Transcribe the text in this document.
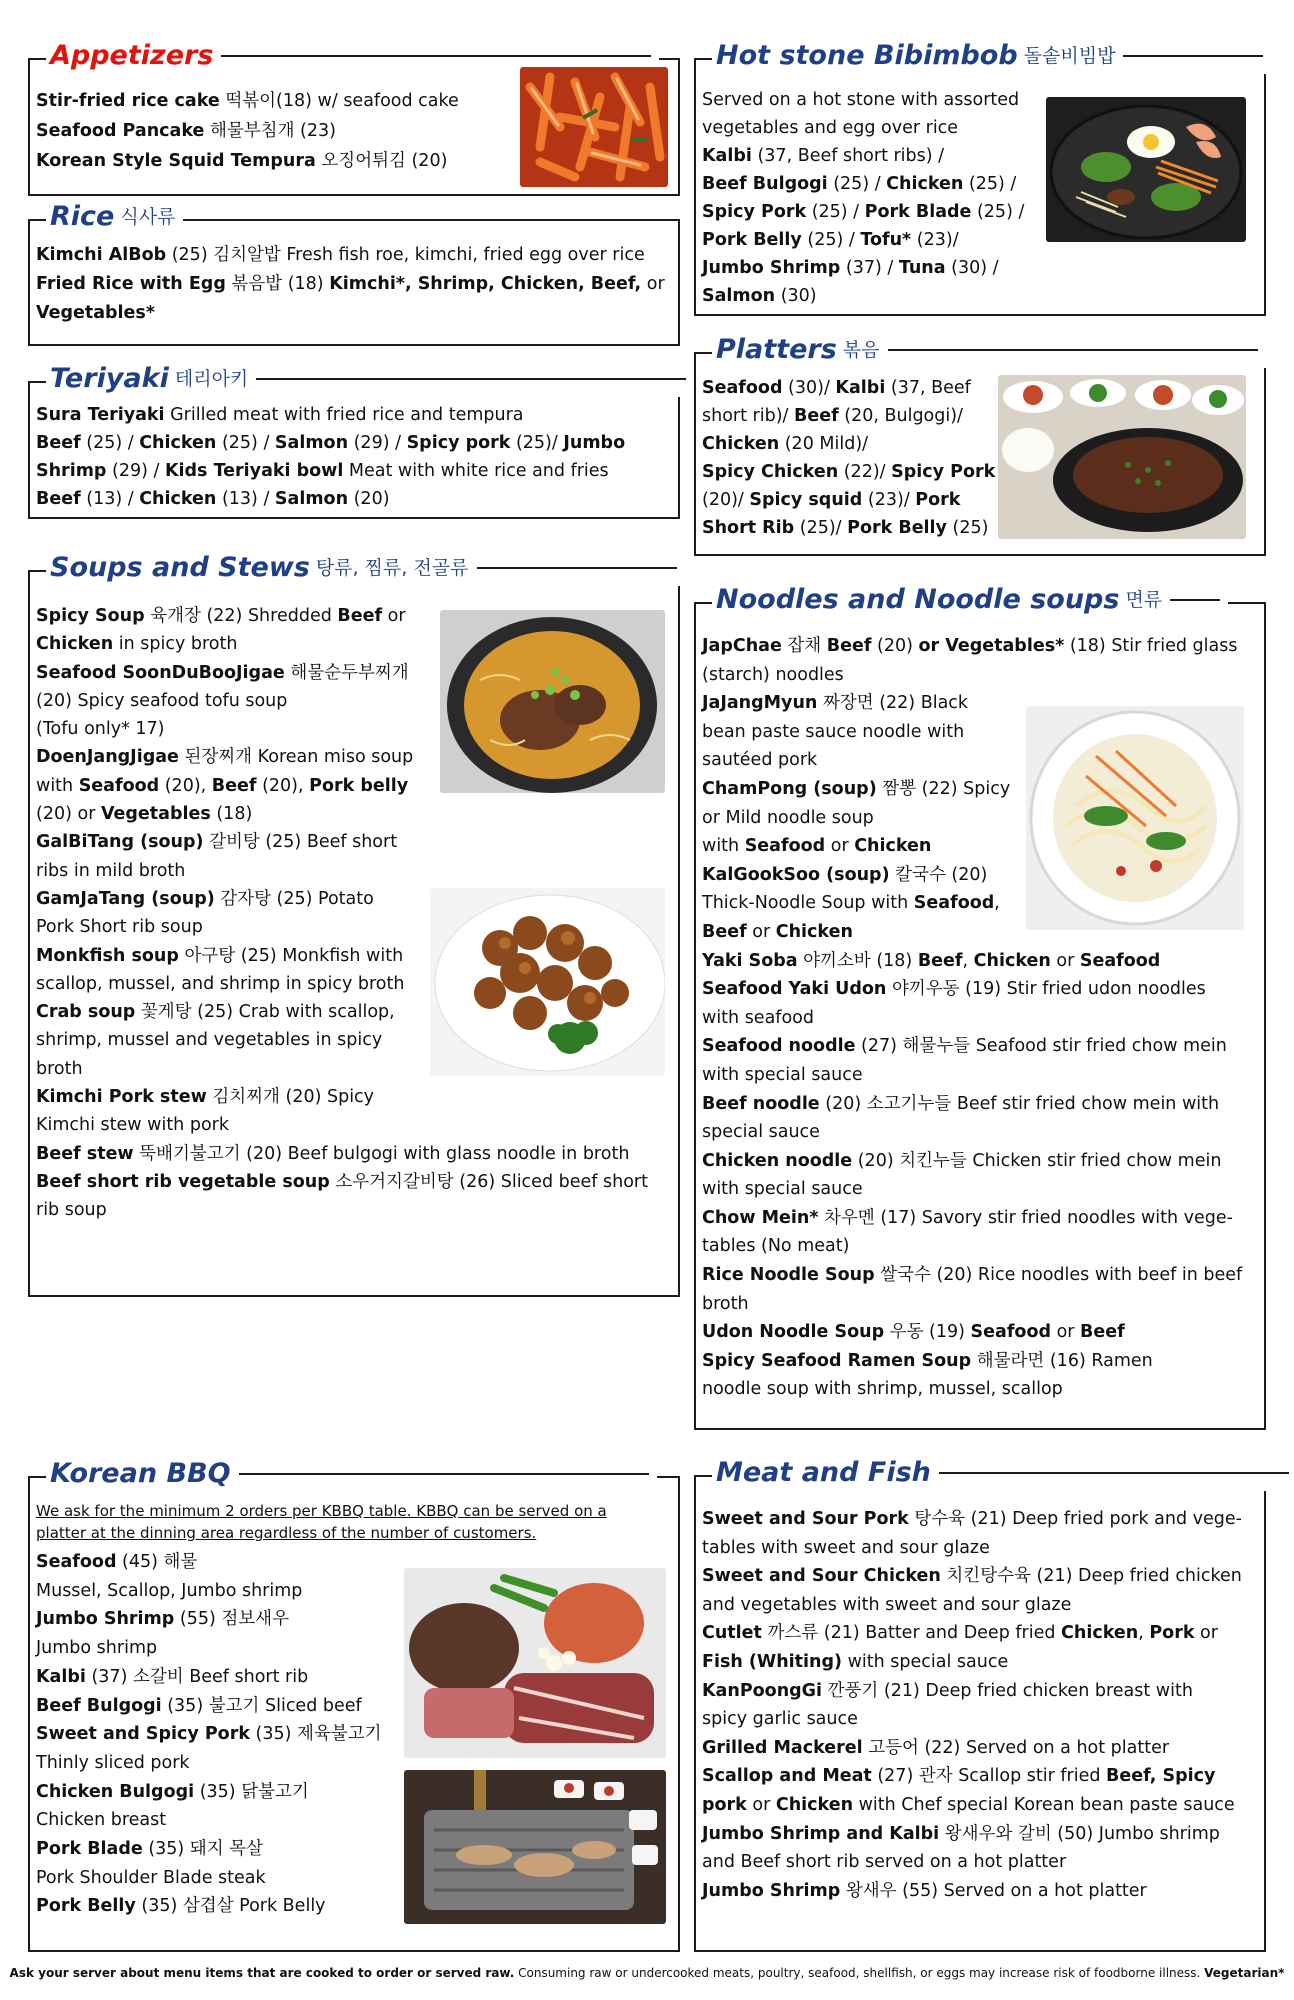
Appetizers

Stir-fried rice cake 떡볶이(18) w/ seafood cake

Seafood Pancake 해물부침개 (23)

Korean Style Squid Tempura 오징어튀김 (20)

Rice 식사류

Kimchi AlBob (25) 김치알밥 Fresh fish roe, kimchi, fried egg over rice

Fried Rice with Egg 볶음밥 (18) Kimchi*, Shrimp, Chicken, Beef, or

Vegetables*

Teriyaki 테리아키

Sura Teriyaki Grilled meat with fried rice and tempura

Beef (25) / Chicken (25) / Salmon (29) / Spicy pork (25)/ Jumbo Shrimp (29) / Kids Teriyaki bowl Meat with white rice and fries

Beef (13) / Chicken (13) / Salmon (20)

Soups and Stews 탕류, 찜류, 전골류

Spicy Soup 육개장 (22) Shredded Beef or

Chicken in spicy broth

Seafood SoonDuBooJigae 해물순두부찌개

(20) Spicy seafood tofu soup

(Tofu only* 17)

DoenJangJigae 된장찌개 Korean miso soup

with Seafood (20), Beef (20), Pork belly

(20) or Vegetables (18)

GalBiTang (soup) 갈비탕 (25) Beef short

ribs in mild broth

GamJaTang (soup) 감자탕 (25) Potato

Pork Short rib soup

Monkfish soup 아구탕 (25) Monkfish with

scallop, mussel, and shrimp in spicy broth

Crab soup 꽃게탕 (25) Crab with scallop,

shrimp, mussel and vegetables in spicy

broth

Kimchi Pork stew 김치찌개 (20) Spicy

Kimchi stew with pork

Beef stew 뚝배기불고기 (20) Beef bulgogi with glass noodle in broth

Beef short rib vegetable soup 소우거지갈비탕 (26) Sliced beef short

rib soup

Korean BBQ

We ask for the minimum 2 orders per KBBQ table. KBBQ can be served on a platter at the dinning area regardless of the number of customers.

Seafood (45) 해물

Mussel, Scallop, Jumbo shrimp

Jumbo Shrimp (55) 점보새우

Jumbo shrimp

Kalbi (37) 소갈비 Beef short rib

Beef Bulgogi (35) 불고기 Sliced beef

Sweet and Spicy Pork (35) 제육불고기

Thinly sliced pork

Chicken Bulgogi (35) 닭불고기

Chicken breast

Pork Blade (35) 돼지 목살

Pork Shoulder Blade steak

Pork Belly (35) 삼겹살 Pork Belly

Hot stone Bibimbob 돌솥비빔밥

Served on a hot stone with assorted

vegetables and egg over rice

Kalbi (37, Beef short ribs) /

Beef Bulgogi (25) / Chicken (25) /

Spicy Pork (25) / Pork Blade (25) /

Pork Belly (25) / Tofu* (23)/

Jumbo Shrimp (37) / Tuna (30) /

Salmon (30)

Platters 볶음

Seafood (30)/ Kalbi (37, Beef

short rib)/ Beef (20, Bulgogi)/

Chicken (20 Mild)/

Spicy Chicken (22)/ Spicy Pork

(20)/ Spicy squid (23)/ Pork

Short Rib (25)/ Pork Belly (25)

Noodles and Noodle soups 면류

JapChae 잡채 Beef (20) or Vegetables* (18) Stir fried glass

(starch) noodles

JaJangMyun 짜장면 (22) Black

bean paste sauce noodle with

sautéed pork

ChamPong (soup) 짬뽕 (22) Spicy

or Mild noodle soup

with Seafood or Chicken

KalGookSoo (soup) 칼국수 (20)

Thick-Noodle Soup with Seafood,

Beef or Chicken

Yaki Soba 야끼소바 (18) Beef, Chicken or Seafood

Seafood Yaki Udon 야끼우동 (19) Stir fried udon noodles

with seafood

Seafood noodle (27) 해물누들 Seafood stir fried chow mein

with special sauce

Beef noodle (20) 소고기누들 Beef stir fried chow mein with

special sauce

Chicken noodle (20) 치킨누들 Chicken stir fried chow mein

with special sauce

Chow Mein* 차우멘 (17) Savory stir fried noodles with vege-

tables (No meat)

Rice Noodle Soup 쌀국수 (20) Rice noodles with beef in beef

broth

Udon Noodle Soup 우동 (19) Seafood or Beef

Spicy Seafood Ramen Soup 해물라면 (16) Ramen

noodle soup with shrimp, mussel, scallop

Meat and Fish

Sweet and Sour Pork 탕수육 (21) Deep fried pork and vege-

tables with sweet and sour glaze

Sweet and Sour Chicken 치킨탕수육 (21) Deep fried chicken

and vegetables with sweet and sour glaze

Cutlet 까스류 (21) Batter and Deep fried Chicken, Pork or

Fish (Whiting) with special sauce

KanPoongGi 깐풍기 (21) Deep fried chicken breast with

spicy garlic sauce

Grilled Mackerel 고등어 (22) Served on a hot platter

Scallop and Meat (27) 관자 Scallop stir fried Beef, Spicy

pork or Chicken with Chef special Korean bean paste sauce

Jumbo Shrimp and Kalbi 왕새우와 갈비 (50) Jumbo shrimp

and Beef short rib served on a hot platter

Jumbo Shrimp 왕새우 (55) Served on a hot platter

Ask your server about menu items that are cooked to order or served raw. Consuming raw or undercooked meats, poultry, seafood, shellfish, or eggs may increase risk of foodborne illness. Vegetarian*
